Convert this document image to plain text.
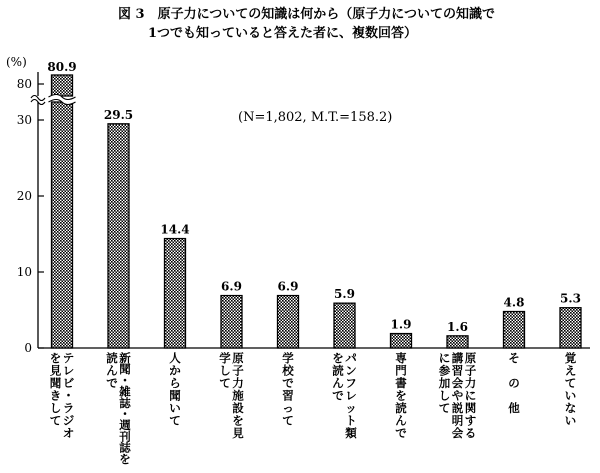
図 3　原子力についての知識は何から（原子力についての知識で
1つでも知っていると答えた者に、複数回答）
(%)
(N=1,802, M.T.=158.2)
0
10
20
30
80
80.9
29.5
14.4
6.9	6.9
5.9
1.9	1.6
4.8	5.3
テレビ・ラジオ
を見聞きして
新聞・雑誌・週刊誌を
読んで
人から聞いて
原子力施設を見
学して
学校で習って
パンフレット類
を読んで
専門書を読んで
原子力に関する
講習会や説明会
に参加して
そ　の　他
覚えていない
